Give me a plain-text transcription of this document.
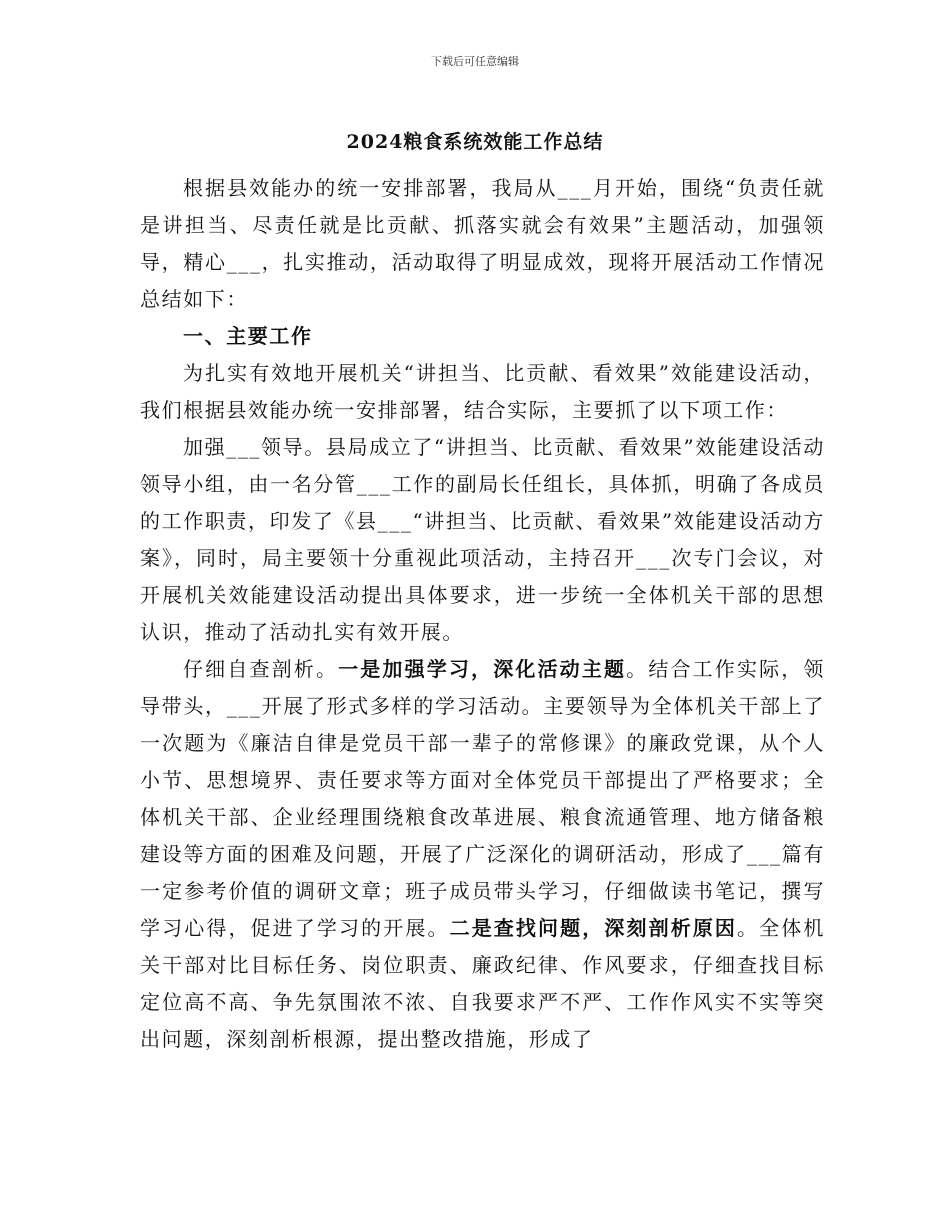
下载后可任意编辑
2024粮食系统效能工作总结

根据县效能办的统一安排部署，我局从___月开始，围绕“负责任就是讲担当、尽责任就是比贡献、抓落实就会有效果”主题活动，加强领导，精心___，扎实推动，活动取得了明显成效，现将开展活动工作情况总结如下：

一、主要工作

为扎实有效地开展机关“讲担当、比贡献、看效果”效能建设活动，我们根据县效能办统一安排部署，结合实际，主要抓了以下项工作：

加强___领导。县局成立了“讲担当、比贡献、看效果”效能建设活动领导小组，由一名分管___工作的副局长任组长，具体抓，明确了各成员的工作职责，印发了《县___“讲担当、比贡献、看效果”效能建设活动方案》，同时，局主要领十分重视此项活动，主持召开___次专门会议，对开展机关效能建设活动提出具体要求，进一步统一全体机关干部的思想认识，推动了活动扎实有效开展。

仔细自查剖析。一是加强学习，深化活动主题。结合工作实际，领导带头，___开展了形式多样的学习活动。主要领导为全体机关干部上了一次题为《廉洁自律是党员干部一辈子的常修课》的廉政党课，从个人小节、思想境界、责任要求等方面对全体党员干部提出了严格要求；全体机关干部、企业经理围绕粮食改革进展、粮食流通管理、地方储备粮建设等方面的困难及问题，开展了广泛深化的调研活动，形成了___篇有一定参考价值的调研文章；班子成员带头学习，仔细做读书笔记，撰写学习心得，促进了学习的开展。二是查找问题，深刻剖析原因。全体机关干部对比目标任务、岗位职责、廉政纪律、作风要求，仔细查找目标定位高不高、争先氛围浓不浓、自我要求严不严、工作作风实不实等突出问题，深刻剖析根源，提出整改措施，形成了
